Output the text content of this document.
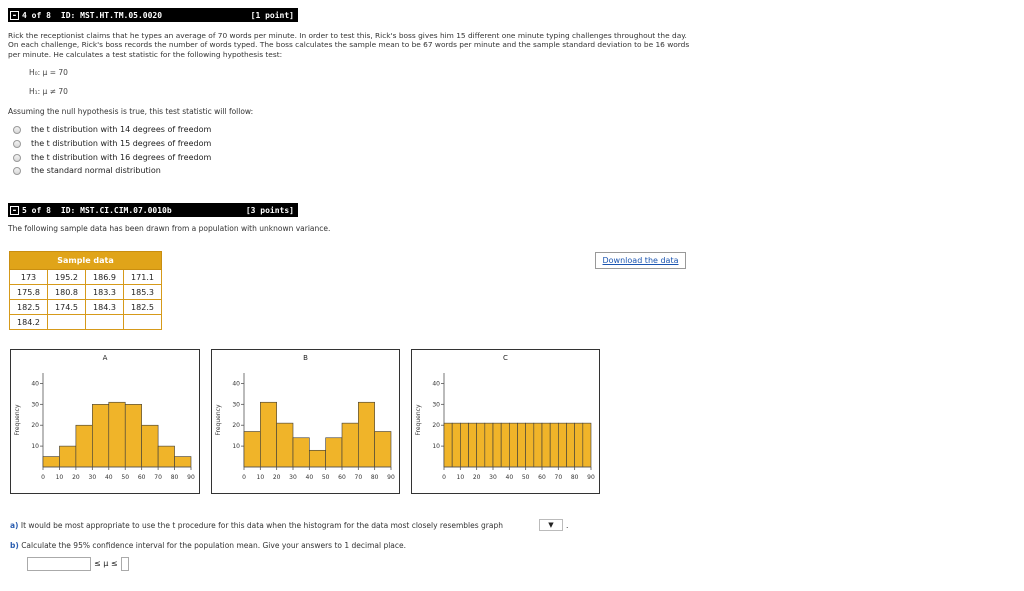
- 4 of 8 ID: MST.HT.TM.05.0020	[1 point]
Rick the receptionist claims that he types an average of 70 words per minute. In order to test this, Rick's boss gives him 15 different one minute typing challenges throughout the day. On each challenge, Rick's boss records the number of words typed. The boss calculates the sample mean to be 67 words per minute and the sample standard deviation to be 16 words per minute. He calculates a test statistic for the following hypothesis test:
H₀: μ = 70
H₁: μ ≠ 70
Assuming the null hypothesis is true, this test statistic will follow:
the t distribution with 14 degrees of freedom
the t distribution with 15 degrees of freedom
the t distribution with 16 degrees of freedom
the standard normal distribution
- 5 of 8 ID: MST.CI.CIM.07.0010b	[3 points]
The following sample data has been drawn from a population with unknown variance.
Sample data			
173	195.2	186.9	171.1
175.8	180.8	183.3	185.3
182.5	174.5	184.3	182.5
184.2			
Download the data
A
Frequency
10
20
30
40
0 10 20 30 40 50 60 70 80 90
B
Frequency
10
20
30
40
0 10 20 30 40 50 60 70 80 90
C
Frequency
10
20
30
40
0 10 20 30 40 50 60 70 80 90
a) It would be most appropriate to use the t procedure for this data when the histogram for the data most closely resembles graph	▼	.
b) Calculate the 95% confidence interval for the population mean. Give your answers to 1 decimal place.
≤ μ ≤
